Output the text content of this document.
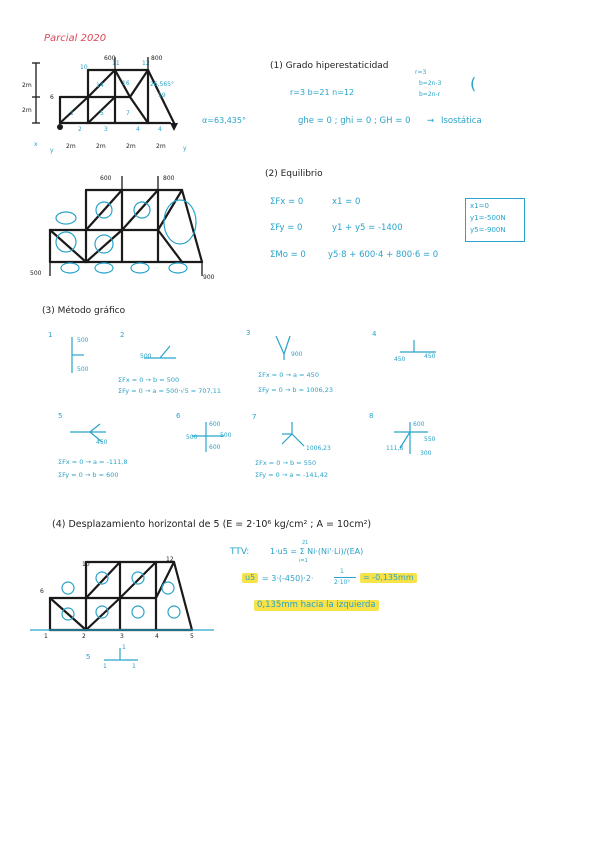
Parcial 2020
10
11	12
6
14	16
19
1	5	7
2	3	4	4
2m
2m
2m	2m	2m	2m
600	800
26,565°
x
y	y
α=63,435°
(1) Grado hiperestaticidad
r=3 b=21 n=12
r=3
b=2n-3
b=2n-r
(
ghe = 0 ; ghi = 0 ; GH = 0 ⇝ Isostática
600	800
500
900
(2) Equilibrio
ΣFx = 0	x1 = 0
ΣFy = 0	y1 + y5 = -1400
ΣMo = 0	y5·8 + 600·4 + 800·6 = 0
x1=0
y1=-500N
y5=-900N
(3) Método gráfico
1
500
500
2
500
ΣFx = 0 → b = 500
ΣFy = 0 → a = 500·√5 = 707,11
3
900
ΣFx = 0 → a = 450
ΣFy = 0 → b = 1006,23
4
450	450
5
450
ΣFx = 0 → a = -111,8
ΣFy = 0 → b = 600
6
600
500	500
600
7
1006,23
ΣFx = 0 → b = 550
ΣFy = 0 → a = -141,42
8
600
550
111,8
300
(4) Desplazamiento horizontal de 5 (E = 2·10⁶ kg/cm² ; A = 10cm²)
6
10
12
1	2	3	4	5
5
1
1	1
TTV:	1·u5 = Σ Ni·(Ni'·Li)/(EA)
21
i=1
u5 = 3·(-450)·2·
1
2·10⁵
= -0,135mm
0,135mm hacia la izquierda
